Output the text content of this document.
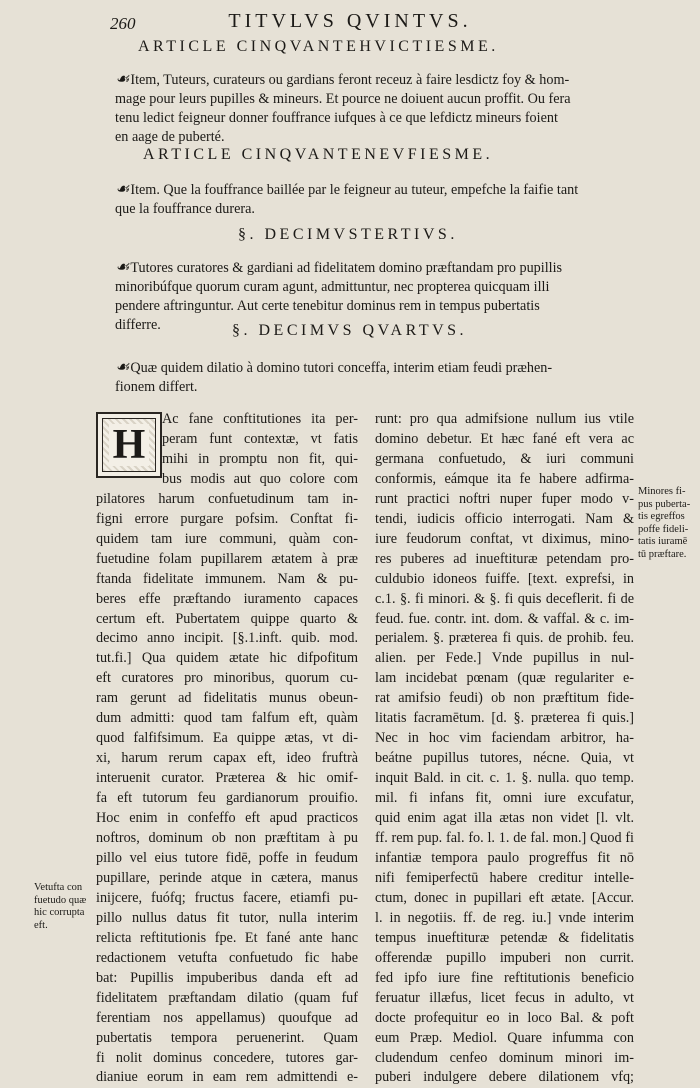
260	TITVLVS QVINTVS.
ARTICLE CINQVANTEHVICTIESME.
☙Item, Tuteurs, curateurs ou gardians feront receuz à faire lesdictz foy & hom-
mage pour leurs pupilles & mineurs. Et pource ne doiuent aucun proffit. Ou fera
tenu ledict feigneur donner fouffrance iufques à ce que lefdictz mineurs foient
en aage de puberté.
ARTICLE CINQVANTENEVFIESME.
☙Item. Que la fouffrance baillée par le feigneur au tuteur, empefche la faifie tant
que la fouffrance durera.
§. DECIMVSTERTIVS.
☙Tutores curatores & gardiani ad fidelitatem domino præftandam pro pupillis
minoribúfque quorum curam agunt, admittuntur, nec propterea quicquam illi
pendere aftringuntur. Aut certe tenebitur dominus rem in tempus pubertatis
differre.	§. DECIMVS QVARTVS.
☙Quæ quidem dilatio à domino tutori conceffa, interim etiam feudi præhen-
fionem differt.
H
Ac fane conftitutiones ita per-
peram funt contextæ, vt fatis
mihi in promptu non fit, qui-
bus modis aut quo colore com
pilatores harum confuetudinum tam in-
figni errore purgare pofsim. Conftat fi-
quidem tam iure communi, quàm con-
fuetudine folam pupillarem ætatem à præ
ftanda fidelitate immunem. Nam & pu-
beres effe præftando iuramento capaces
certum eft. Pubertatem quippe quarto &
decimo anno incipit. [§.1.inft. quib. mod.
tut.fi.] Qua quidem ætate hic difpofitum
eft curatores pro minoribus, quorum cu-
ram gerunt ad fidelitatis munus obeun-
dum admitti: quod tam falfum eft, quàm
quod falfifsimum. Ea quippe ætas, vt di-
xi, harum rerum capax eft, ideo fruftrà
interuenit curator. Præterea & hic omif-
fa eft tutorum feu gardianorum prouifio.
Hoc enim in confeffo eft apud practicos
noftros, dominum ob non præftitam à pu
pillo vel eius tutore fidē, poffe in feudum
pupillare, perinde atque in cætera, manus
inijcere, fuófq; fructus facere, etiamfi pu-
pillo nullus datus fit tutor, nulla interim
relicta reftitutionis fpe. Et fané ante hanc
redactionem vetufta confuetudo fic habe
bat: Pupillis impuberibus danda eft ad
fidelitatem præftandam dilatio (quam fuf
ferentiam nos appellamus) quoufque ad
pubertatis tempora peruenerint. Quam
fi nolit dominus concedere, tutores gar-
dianiue eorum in eam rem admittendi e-
runt: pro qua admifsione nullum ius vtile
domino debetur. Et hæc fané eft vera ac
germana confuetudo, & iuri communi
conformis, eámque ita fe habere adfirma-
runt practici noftri nuper fuper modo v-
tendi, iudicis officio interrogati. Nam &
iure feudorum conftat, vt diximus, mino-
res puberes ad inueftituræ petendam pro-
culdubio idoneos fuiffe. [text. exprefsi, in
c.1. §. fi minori. & §. fi quis deceflerit. fi de
feud. fue. contr. int. dom. & vaffal. & c. im-
perialem. §. præterea fi quis. de prohib. feu.
alien. per Fede.] Vnde pupillus in nul-
lam incidebat pœnam (quæ regulariter e-
rat amifsio feudi) ob non præftitum fide-
litatis facramētum. [d. §. præterea fi quis.]
Nec in hoc vim faciendam arbitror, ha-
beátne pupillus tutores, nécne. Quia, vt
inquit Bald. in cit. c. 1. §. nulla. quo temp.
mil. fi infans fit, omni iure excufatur,
quid enim agat illa ætas non videt [l. vlt.
ff. rem pup. fal. fo. l. 1. de fal. mon.] Quod fi
infantiæ tempora paulo progreffus fit nō
nifi femiperfectū habere creditur intelle-
ctum, donec in pupillari eft ætate. [Accur.
l. in negotiis. ff. de reg. iu.] vnde interim
tempus inueftituræ petendæ & fidelitatis
offerendæ pupillo impuberi non currit.
fed ipfo iure fine reftitutionis beneficio
feruatur illæfus, licet fecus in adulto, vt
docte profequitur eo in loco Bal. & poft
eum Præp. Mediol. Quare infumma con
cludendum cenfeo dominum minori im-
puberi indulgere debere dilationem vfq;
Minores fi-
pus puberta-
tis egreffos
poffe fideli-
tatis iuramē
tū præftare.
Vetufta con
fuetudo quæ
hic corrupta
eft.
